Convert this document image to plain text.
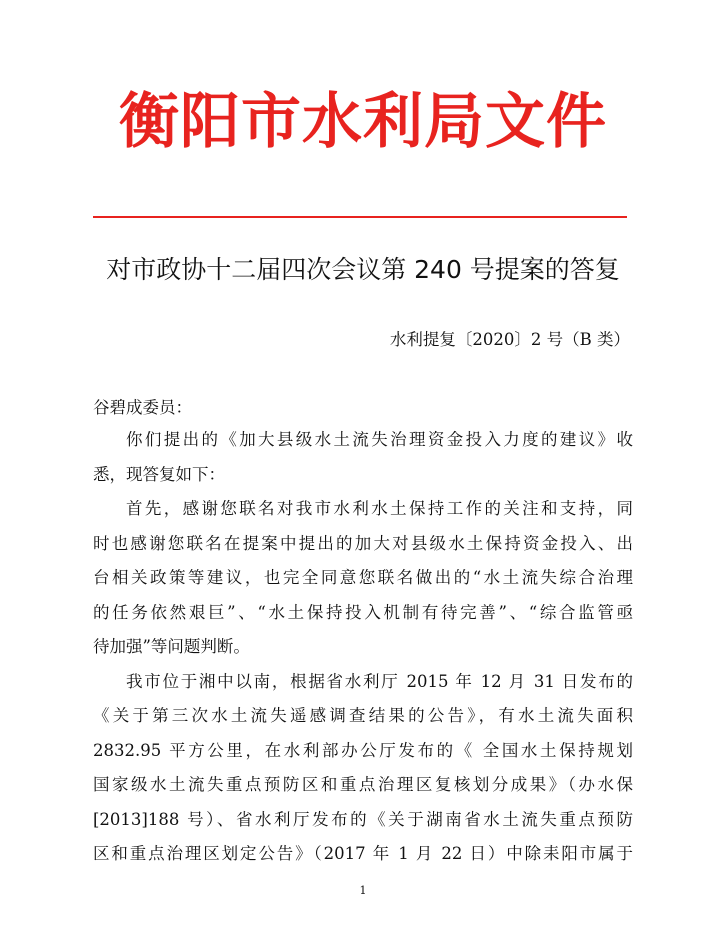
衡阳市水利局文件
对市政协十二届四次会议第 240 号提案的答复
水利提复〔2020〕2 号（B 类）
谷碧成委员：

你们提出的《加大县级水土流失治理资金投入力度的建议》收
悉，现答复如下：

首先，感谢您联名对我市水利水土保持工作的关注和支持，同
时也感谢您联名在提案中提出的加大对县级水土保持资金投入、出
台相关政策等建议，也完全同意您联名做出的“水土流失综合治理
的任务依然艰巨”、“水土保持投入机制有待完善”、“综合监管亟
待加强”等问题判断。

我市位于湘中以南，根据省水利厅 2015 年 12 月 31 日发布的
《关于第三次水土流失遥感调查结果的公告》，有水土流失面积
2832.95 平方公里，在水利部办公厅发布的《 全国水土保持规划
国家级水土流失重点预防区和重点治理区复核划分成果》（办水保
[2013]188 号）、省水利厅发布的《关于湖南省水土流失重点预防
区和重点治理区划定公告》（2017 年 1 月 22 日）中除耒阳市属于

1
